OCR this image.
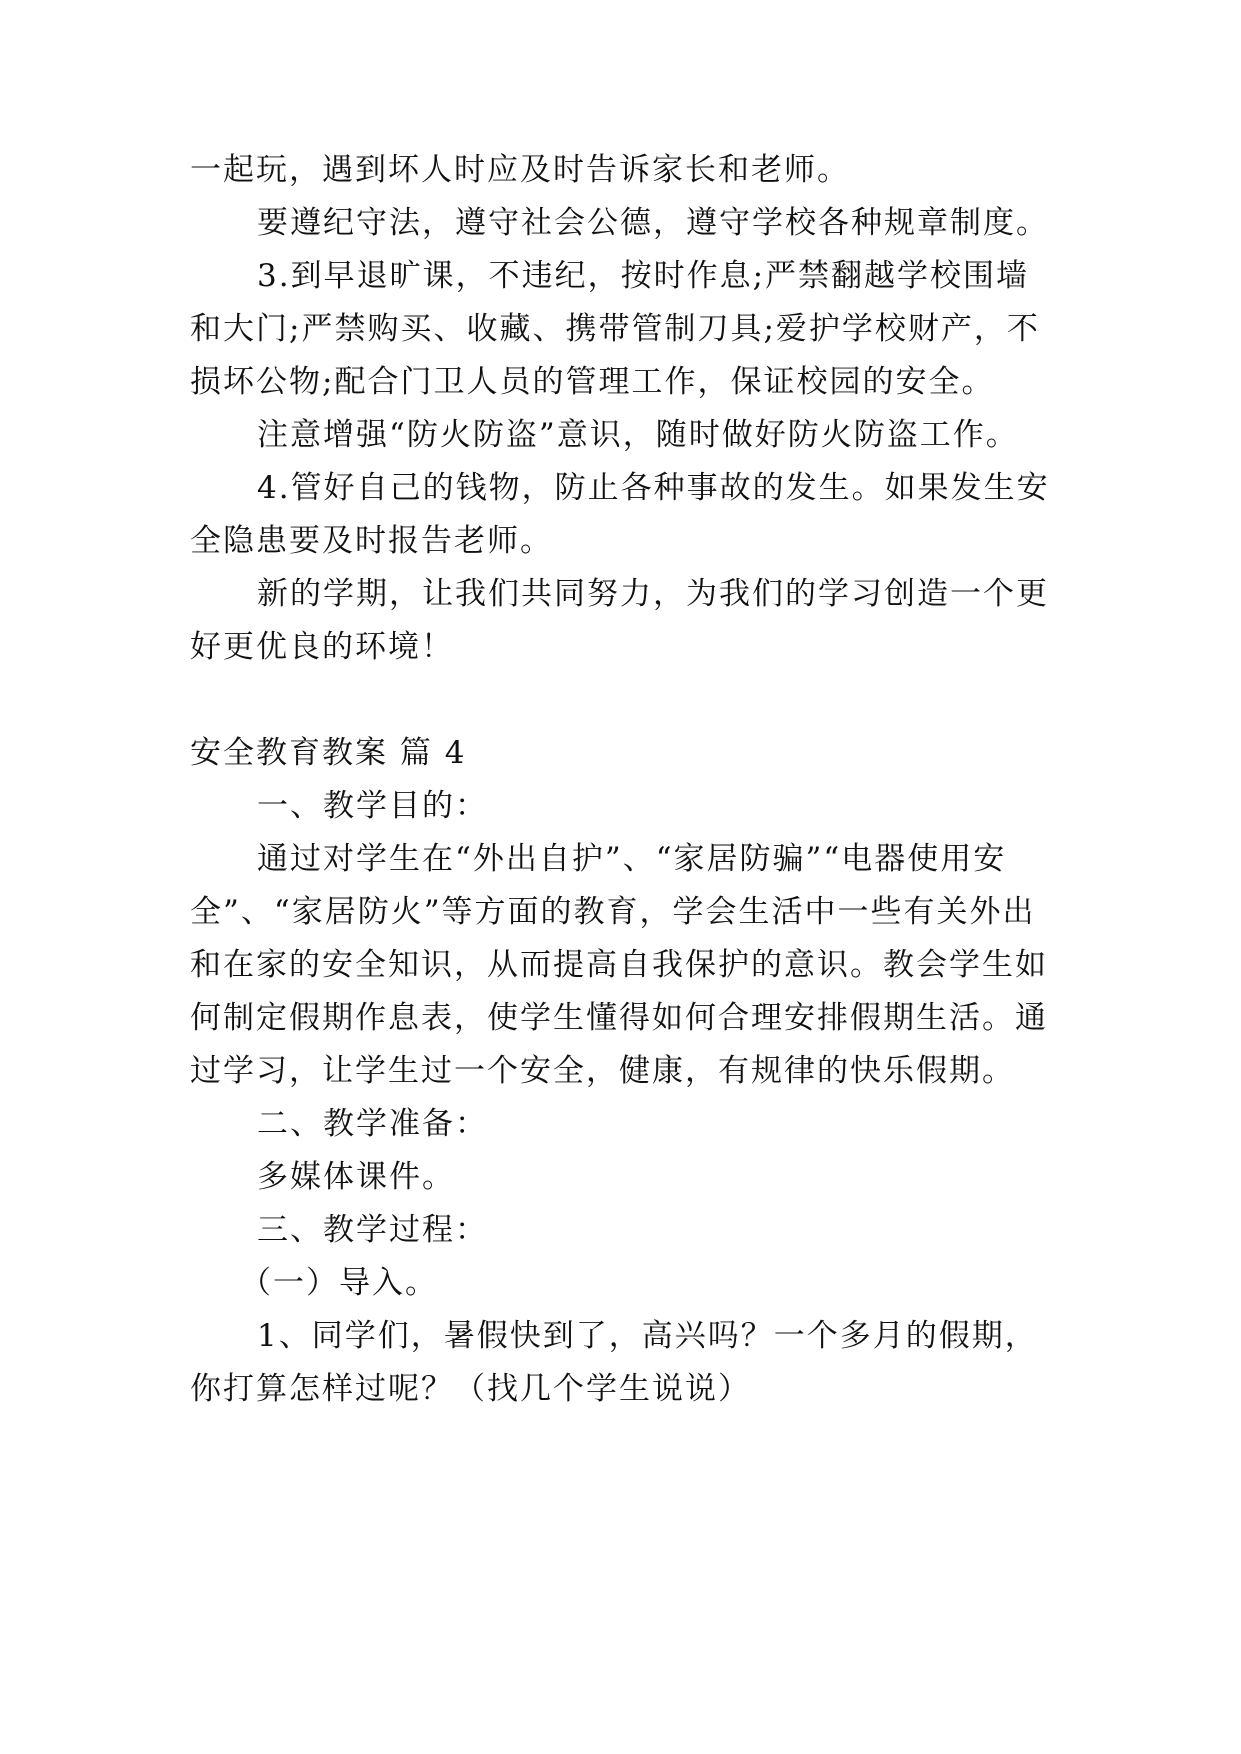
一起玩，遇到坏人时应及时告诉家长和老师。
要遵纪守法，遵守社会公德，遵守学校各种规章制度。
3.到早退旷课，不违纪，按时作息;严禁翻越学校围墙
和大门;严禁购买、收藏、携带管制刀具;爱护学校财产，不
损坏公物;配合门卫人员的管理工作，保证校园的安全。
注意增强“防火防盗”意识，随时做好防火防盗工作。
4.管好自己的钱物，防止各种事故的发生。如果发生安
全隐患要及时报告老师。
新的学期，让我们共同努力，为我们的学习创造一个更
好更优良的环境！
安全教育教案 篇 4
一、教学目的：
通过对学生在“外出自护”、“家居防骗”“电器使用安
全”、“家居防火”等方面的教育，学会生活中一些有关外出
和在家的安全知识，从而提高自我保护的意识。教会学生如
何制定假期作息表，使学生懂得如何合理安排假期生活。通
过学习，让学生过一个安全，健康，有规律的快乐假期。
二、教学准备：
多媒体课件。
三、教学过程：
（一）导入。
1、同学们，暑假快到了，高兴吗？一个多月的假期，
你打算怎样过呢？（找几个学生说说）
